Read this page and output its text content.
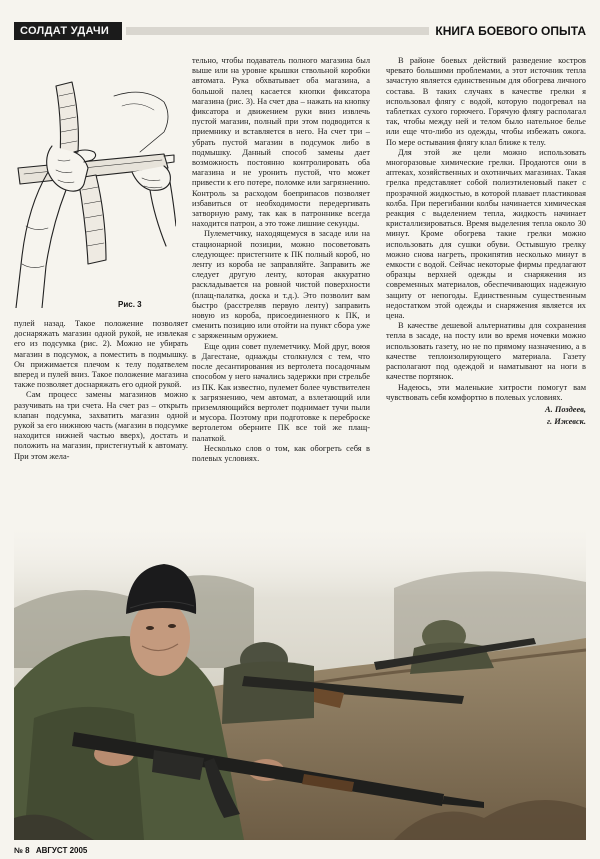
СОЛДАТ УДАЧИ	КНИГА БОЕВОГО ОПЫТА
Рис. 3

пулей назад. Такое положение позволяет доснаряжать магазин одной рукой, не извлекая его из подсумка (рис. 2). Можно не убирать магазин в подсумок, а поместить в подмышку. Он прижимается плечом к телу податвелем вперед и пулей вниз. Такое положение магазина также позволяет доснаряжать его одной рукой.

Сам процесс замены магазинов можно разучивать на три счета. На счет раз – открыть клапан подсумка, захватить магазин одной рукой за его нижнюю часть (магазин в подсумке находится нижней частью вверх), достать и положить на магазин, пристегнутый к автомату. При этом жела-

тельно, чтобы подаватель полного магазина был выше или на уровне крышки ствольной коробки автомата. Рука обхватывает оба магазина, а большой палец касается кнопки фиксатора магазина (рис. 3). На счет два – нажать на кнопку фиксатора и движением руки вниз извлечь пустой магазин, полный при этом подводится к приемнику и вставляется в него. На счет три – убрать пустой магазин в подсумок либо в подмышку. Данный способ замены дает возможность постоянно контролировать оба магазина и не уронить пустой, что может привести к его потере, поломке или загрязнению. Контроль за расходом боеприпасов позволяет избавиться от необходимости передергивать затворную раму, так как в патроннике всегда находится патрон, а это тоже лишние секунды.

Пулеметчику, находящемуся в засаде или на стационарной позиции, можно посоветовать следующее: пристегните к ПК полный короб, но ленту из короба не заправляйте. Заправить же следует другую ленту, которая аккуратно раскладывается на ровной чистой поверхности (плащ-палатка, доска и т.д.). Это позволит вам быстро (расстреляв первую ленту) заправить новую из короба, присоединенного к ПК, и сменить позицию или отойти на пункт сбора уже с заряженным оружием.

Еще один совет пулеметчику. Мой друг, воюя в Дагестане, однажды столкнулся с тем, что после десантирования из вертолета посадочным способом у него начались задержки при стрельбе из ПК. Как известно, пулемет более чувствителен к загрязнению, чем автомат, а взлетающий или приземляющийся вертолет поднимает тучи пыли и мусора. Поэтому при подготовке к переброске вертолетом оберните ПК все той же плащ-палаткой.

Несколько слов о том, как обогреть себя в полевых условиях.

В районе боевых действий разведение костров чревато большими проблемами, а этот источник тепла зачастую является единственным для обогрева личного состава. В таких случаях в качестве грелки я использовал флягу с водой, которую подогревал на таблетках сухого горючего. Горячую флягу располагал так, чтобы между ней и телом было нательное белье или еще что-либо из одежды, чтобы избежать ожога. По мере остывания флягу клал ближе к телу.

Для этой же цели можно использовать многоразовые химические грелки. Продаются они в аптеках, хозяйственных и охотничьих магазинах. Такая грелка представляет собой полиэтиленовый пакет с прозрачной жидкостью, в которой плавает пластиковая колба. При перегибании колбы начинается химическая реакция с выделением тепла, жидкость начинает кристаллизироваться. Время выделения тепла около 30 минут. Кроме обогрева такие грелки можно использовать для сушки обуви. Остывшую грелку можно снова нагреть, прокипятив несколько минут в емкости с водой. Сейчас некоторые фирмы предлагают образцы верхней одежды и снаряжения из современных материалов, обеспечивающих надежную защиту от непогоды. Единственным существенным недостатком этой одежды и снаряжения является их цена.

В качестве дешевой альтернативы для сохранения тепла в засаде, на посту или во время ночевки можно использовать газету, но не по прямому назначению, а в качестве теплоизолирующего материала. Газету располагают под одеждой и наматывают на ноги в качестве портянок.

Надеюсь, эти маленькие хитрости помогут вам чувствовать себя комфортно в полевых условиях.

А. Поздеев,
г. Ижевск.
№ 8 АВГУСТ 2005
